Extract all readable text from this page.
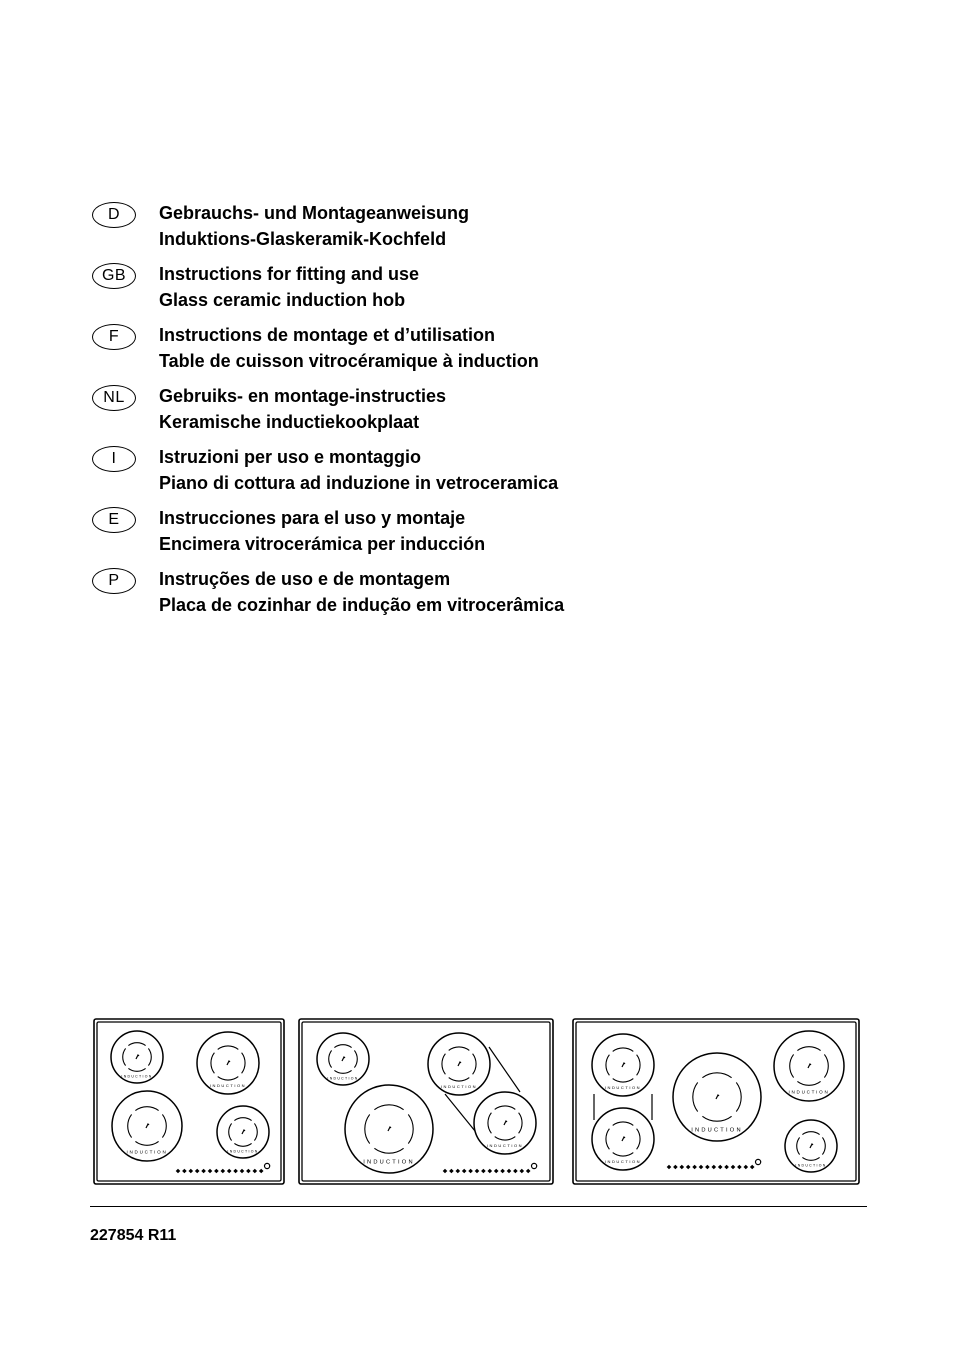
D	Gebrauchs- und Montageanweisung
Induktions-Glaskeramik-Kochfeld
GB	Instructions for fitting and use
Glass ceramic induction hob
F	Instructions de montage et d’utilisation
Table de cuisson vitrocéramique à induction
NL	Gebruiks- en montage-instructies
Keramische inductiekookplaat
I	Istruzioni per uso e montaggio
Piano di cottura ad induzione in vetroceramica
E	Instrucciones para el uso y montaje
Encimera vitrocerámica per inducción
P	Instruções de uso e de montagem
Placa de cozinhar de indução em vitrocerâmica
INDUCTION
INDUCTION
INDUCTION	INDUCTION
INDUCTION
INDUCTION
INDUCTION
INDUCTION
INDUCTION
INDUCTION
INDUCTION
INDUCTION
INDUCTION
227854 R11
